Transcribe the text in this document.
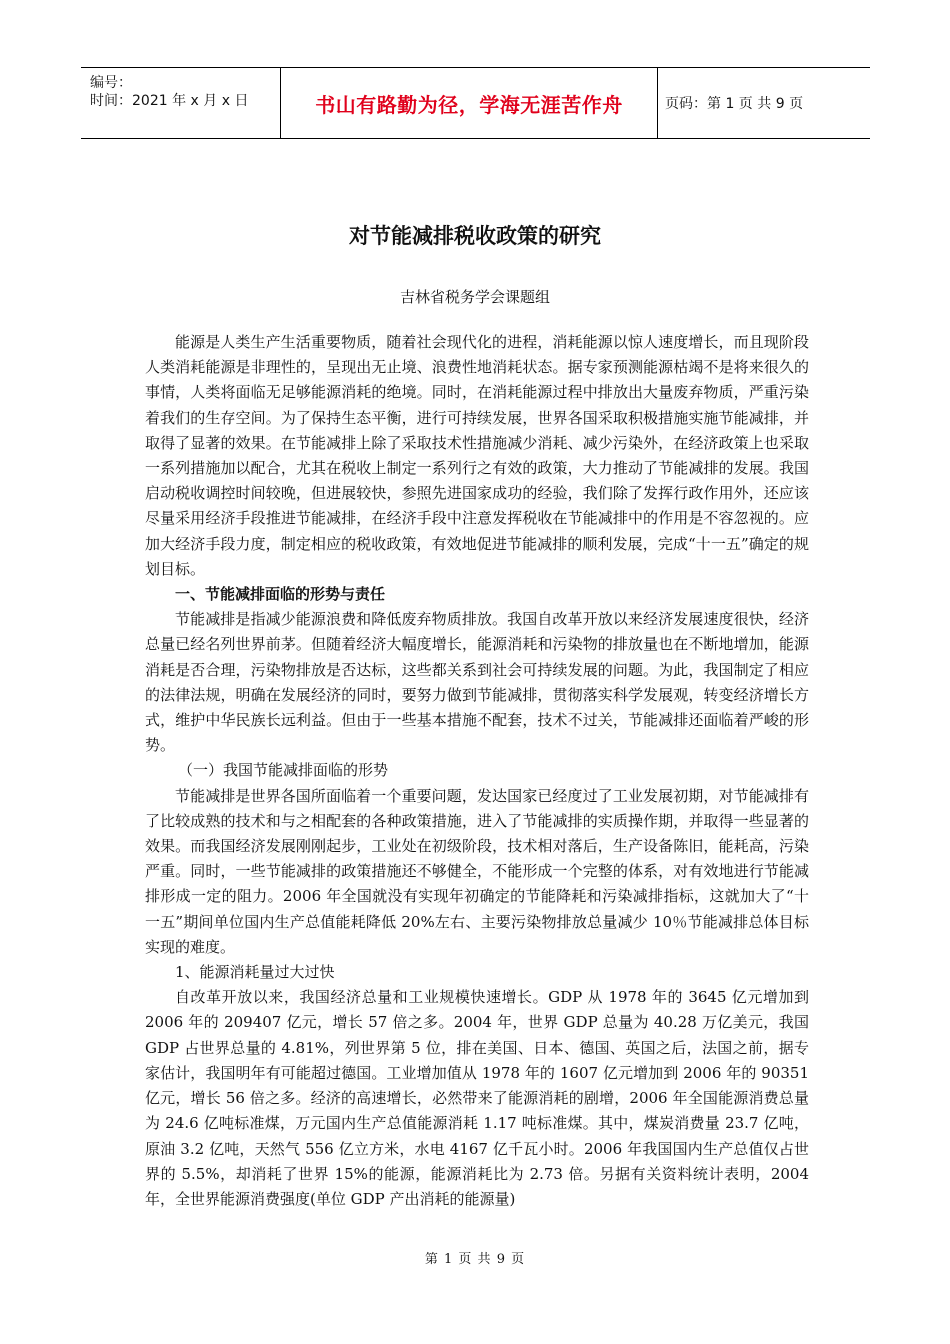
编号：
时间：2021 年 x 月 x 日	书山有路勤为径，学海无涯苦作舟	页码：第 1 页 共 9 页
对节能减排税收政策的研究
吉林省税务学会课题组

能源是人类生产生活重要物质，随着社会现代化的进程，消耗能源以惊人速度增长，而且现阶段人类消耗能源是非理性的，呈现出无止境、浪费性地消耗状态。据专家预测能源枯竭不是将来很久的事情，人类将面临无足够能源消耗的绝境。同时，在消耗能源过程中排放出大量废弃物质，严重污染着我们的生存空间。为了保持生态平衡，进行可持续发展，世界各国采取积极措施实施节能减排，并取得了显著的效果。在节能减排上除了采取技术性措施减少消耗、减少污染外，在经济政策上也采取一系列措施加以配合，尤其在税收上制定一系列行之有效的政策，大力推动了节能减排的发展。我国启动税收调控时间较晚，但进展较快，参照先进国家成功的经验，我们除了发挥行政作用外，还应该尽量采用经济手段推进节能减排，在经济手段中注意发挥税收在节能减排中的作用是不容忽视的。应加大经济手段力度，制定相应的税收政策，有效地促进节能减排的顺利发展，完成“十一五”确定的规划目标。

一、节能减排面临的形势与责任

节能减排是指减少能源浪费和降低废弃物质排放。我国自改革开放以来经济发展速度很快，经济总量已经名列世界前茅。但随着经济大幅度增长，能源消耗和污染物的排放量也在不断地增加，能源消耗是否合理，污染物排放是否达标，这些都关系到社会可持续发展的问题。为此，我国制定了相应的法律法规，明确在发展经济的同时，要努力做到节能减排，贯彻落实科学发展观，转变经济增长方式，维护中华民族长远利益。但由于一些基本措施不配套，技术不过关，节能减排还面临着严峻的形势。

（一）我国节能减排面临的形势

节能减排是世界各国所面临着一个重要问题，发达国家已经度过了工业发展初期，对节能减排有了比较成熟的技术和与之相配套的各种政策措施，进入了节能减排的实质操作期，并取得一些显著的效果。而我国经济发展刚刚起步，工业处在初级阶段，技术相对落后，生产设备陈旧，能耗高，污染严重。同时，一些节能减排的政策措施还不够健全，不能形成一个完整的体系，对有效地进行节能减排形成一定的阻力。2006 年全国就没有实现年初确定的节能降耗和污染减排指标，这就加大了“十一五”期间单位国内生产总值能耗降低 20%左右、主要污染物排放总量减少 10％节能减排总体目标实现的难度。

1、能源消耗量过大过快

自改革开放以来，我国经济总量和工业规模快速增长。GDP 从 1978 年的 3645 亿元增加到 2006 年的 209407 亿元，增长 57 倍之多。2004 年，世界 GDP 总量为 40.28 万亿美元，我国 GDP 占世界总量的 4.81%，列世界第 5 位，排在美国、日本、德国、英国之后，法国之前，据专家估计，我国明年有可能超过德国。工业增加值从 1978 年的 1607 亿元增加到 2006 年的 90351 亿元，增长 56 倍之多。经济的高速增长，必然带来了能源消耗的剧增，2006 年全国能源消费总量为 24.6 亿吨标准煤，万元国内生产总值能源消耗 1.17 吨标准煤。其中，煤炭消费量 23.7 亿吨，原油 3.2 亿吨，天然气 556 亿立方米，水电 4167 亿千瓦小时。2006 年我国国内生产总值仅占世界的 5.5%，却消耗了世界 15%的能源，能源消耗比为 2.73 倍。另据有关资料统计表明，2004 年，全世界能源消费强度(单位 GDP 产出消耗的能源量)

第 1 页 共 9 页
